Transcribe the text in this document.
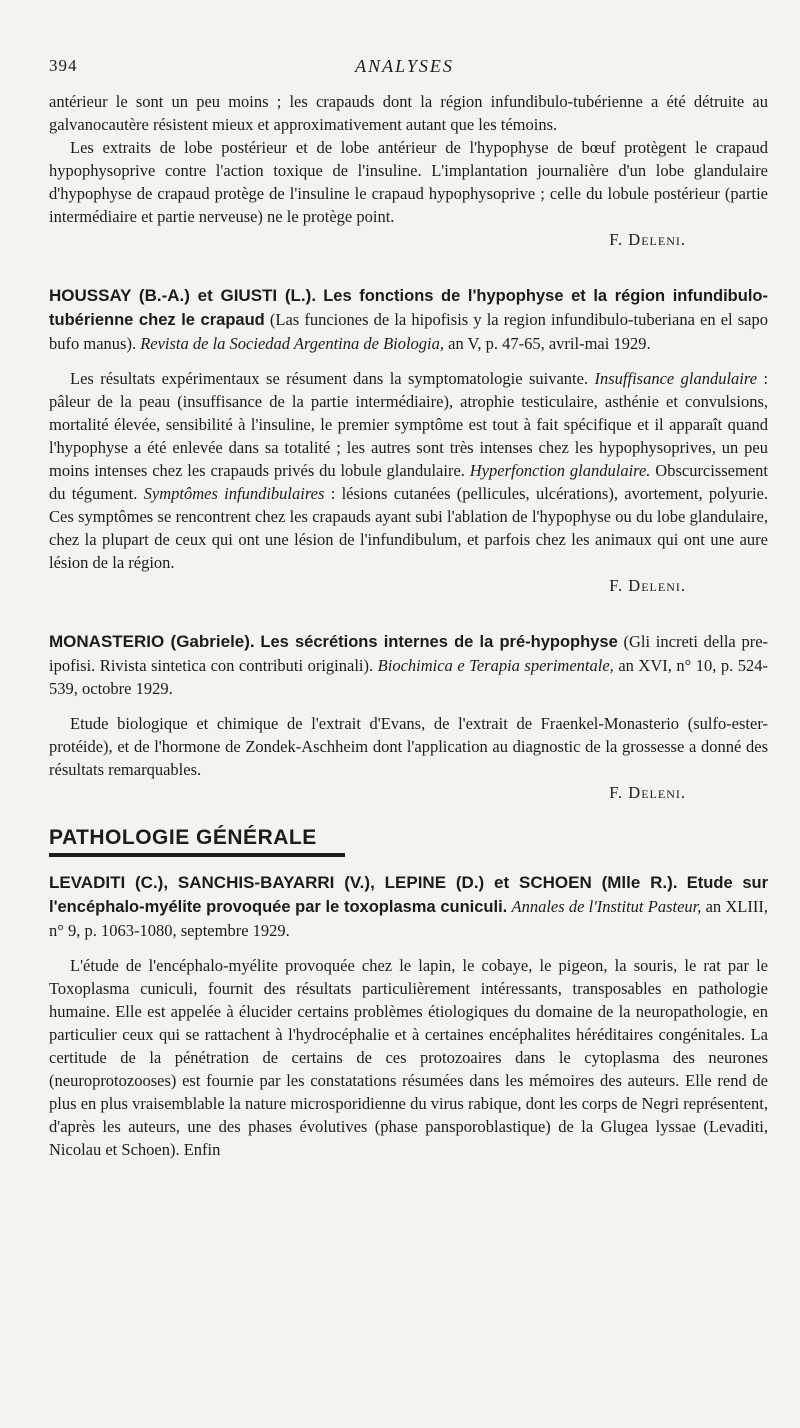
394	ANALYSES

antérieur le sont un peu moins ; les crapauds dont la région infundibulo-tubérienne a été détruite au galvanocautère résistent mieux et approximativement autant que les témoins.

Les extraits de lobe postérieur et de lobe antérieur de l'hypophyse de bœuf protègent le crapaud hypophysoprive contre l'action toxique de l'insuline. L'implantation journalière d'un lobe glandulaire d'hypophyse de crapaud protège de l'insuline le crapaud hypophysoprive ; celle du lobule postérieur (partie intermédiaire et partie nerveuse) ne le protège point.

F. Deleni.

HOUSSAY (B.-A.) et GIUSTI (L.). Les fonctions de l'hypophyse et la région infundibulo-tubérienne chez le crapaud (Las funciones de la hipofisis y la region infundibulo-tuberiana en el sapo bufo manus). Revista de la Sociedad Argentina de Biologia, an V, p. 47-65, avril-mai 1929.

Les résultats expérimentaux se résument dans la symptomatologie suivante. Insuffisance glandulaire : pâleur de la peau (insuffisance de la partie intermédiaire), atrophie testiculaire, asthénie et convulsions, mortalité élevée, sensibilité à l'insuline, le premier symptôme est tout à fait spécifique et il apparaît quand l'hypophyse a été enlevée dans sa totalité ; les autres sont très intenses chez les hypophysoprives, un peu moins intenses chez les crapauds privés du lobule glandulaire. Hyperfonction glandulaire. Obscurcissement du tégument. Symptômes infundibulaires : lésions cutanées (pellicules, ulcérations), avortement, polyurie. Ces symptômes se rencontrent chez les crapauds ayant subi l'ablation de l'hypophyse ou du lobe glandulaire, chez la plupart de ceux qui ont une lésion de l'infundibulum, et parfois chez les animaux qui ont une aure lésion de la région.

F. Deleni.

MONASTERIO (Gabriele). Les sécrétions internes de la pré-hypophyse (Gli increti della pre-ipofisi. Rivista sintetica con contributi originali). Biochimica e Terapia sperimentale, an XVI, n° 10, p. 524-539, octobre 1929.

Etude biologique et chimique de l'extrait d'Evans, de l'extrait de Fraenkel-Monasterio (sulfo-ester-protéide), et de l'hormone de Zondek-Aschheim dont l'application au diagnostic de la grossesse a donné des résultats remarquables.

F. Deleni.

PATHOLOGIE GÉNÉRALE

LEVADITI (C.), SANCHIS-BAYARRI (V.), LEPINE (D.) et SCHOEN (Mlle R.). Etude sur l'encéphalo-myélite provoquée par le toxoplasma cuniculi. Annales de l'Institut Pasteur, an XLIII, n° 9, p. 1063-1080, septembre 1929.

L'étude de l'encéphalo-myélite provoquée chez le lapin, le cobaye, le pigeon, la souris, le rat par le Toxoplasma cuniculi, fournit des résultats particulièrement intéressants, transposables en pathologie humaine. Elle est appelée à élucider certains problèmes étiologiques du domaine de la neuropathologie, en particulier ceux qui se rattachent à l'hydrocéphalie et à certaines encéphalites héréditaires congénitales. La certitude de la pénétration de certains de ces protozoaires dans le cytoplasma des neurones (neuroprotozooses) est fournie par les constatations résumées dans les mémoires des auteurs. Elle rend de plus en plus vraisemblable la nature microsporidienne du virus rabique, dont les corps de Negri représentent, d'après les auteurs, une des phases évolutives (phase pansporoblastique) de la Glugea lyssae (Levaditi, Nicolau et Schoen). Enfin
